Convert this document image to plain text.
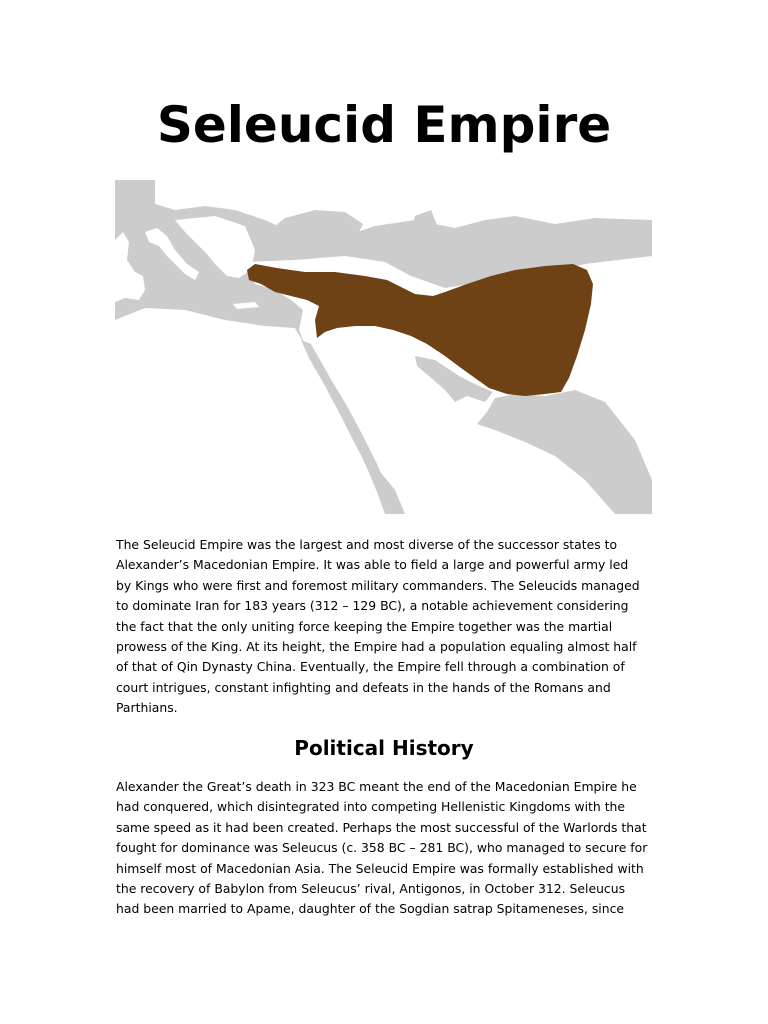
Seleucid Empire

The Seleucid Empire was the largest and most diverse of the successor states to
Alexander’s Macedonian Empire. It was able to field a large and powerful army led
by Kings who were first and foremost military commanders. The Seleucids managed
to dominate Iran for 183 years (312 – 129 BC), a notable achievement considering
the fact that the only uniting force keeping the Empire together was the martial
prowess of the King. At its height, the Empire had a population equaling almost half
of that of Qin Dynasty China. Eventually, the Empire fell through a combination of
court intrigues, constant infighting and defeats in the hands of the Romans and
Parthians.

Political History

Alexander the Great’s death in 323 BC meant the end of the Macedonian Empire he
had conquered, which disintegrated into competing Hellenistic Kingdoms with the
same speed as it had been created. Perhaps the most successful of the Warlords that
fought for dominance was Seleucus (c. 358 BC – 281 BC), who managed to secure for
himself most of Macedonian Asia. The Seleucid Empire was formally established with
the recovery of Babylon from Seleucus’ rival, Antigonos, in October 312. Seleucus
had been married to Apame, daughter of the Sogdian satrap Spitameneses, since
